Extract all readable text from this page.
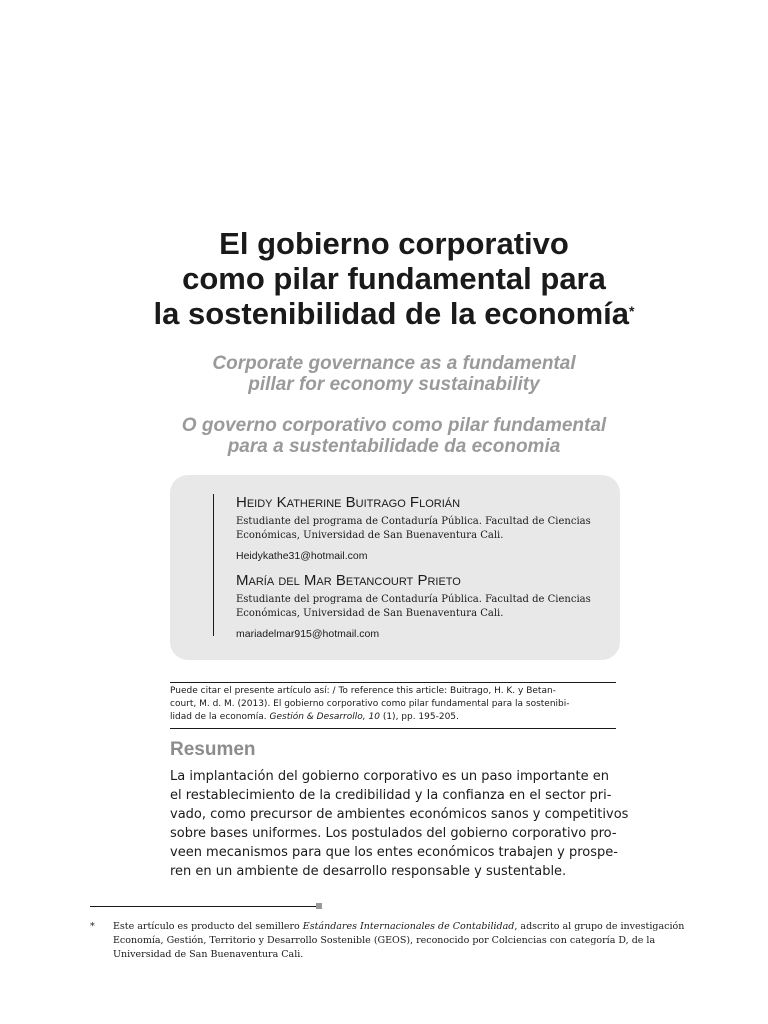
El gobierno corporativo
como pilar fundamental para
la sostenibilidad de la economía*
Corporate governance as a fundamental
pillar for economy sustainability
O governo corporativo como pilar fundamental
para a sustentabilidade da economia

Heidy Katherine Buitrago Florián

Estudiante del programa de Contaduría Pública. Facultad de Ciencias
Económicas, Universidad de San Buenaventura Cali.

Heidykathe31@hotmail.com

María del Mar Betancourt Prieto

Estudiante del programa de Contaduría Pública. Facultad de Ciencias
Económicas, Universidad de San Buenaventura Cali.

mariadelmar915@hotmail.com

Puede citar el presente artículo así: / To reference this article: Buitrago, H. K. y Betan-
court, M. d. M. (2013). El gobierno corporativo como pilar fundamental para la sostenibi-
lidad de la economía. Gestión & Desarrollo, 10 (1), pp. 195-205.
Resumen

La implantación del gobierno corporativo es un paso importante en
el restablecimiento de la credibilidad y la confianza en el sector pri-
vado, como precursor de ambientes económicos sanos y competitivos
sobre bases uniformes. Los postulados del gobierno corporativo pro-
veen mecanismos para que los entes económicos trabajen y prospe-
ren en un ambiente de desarrollo responsable y sustentable.

* Este artículo es producto del semillero Estándares Internacionales de Contabilidad, adscrito al grupo de investigación
Economía, Gestión, Territorio y Desarrollo Sostenible (GEOS), reconocido por Colciencias con categoría D, de la
Universidad de San Buenaventura Cali.
